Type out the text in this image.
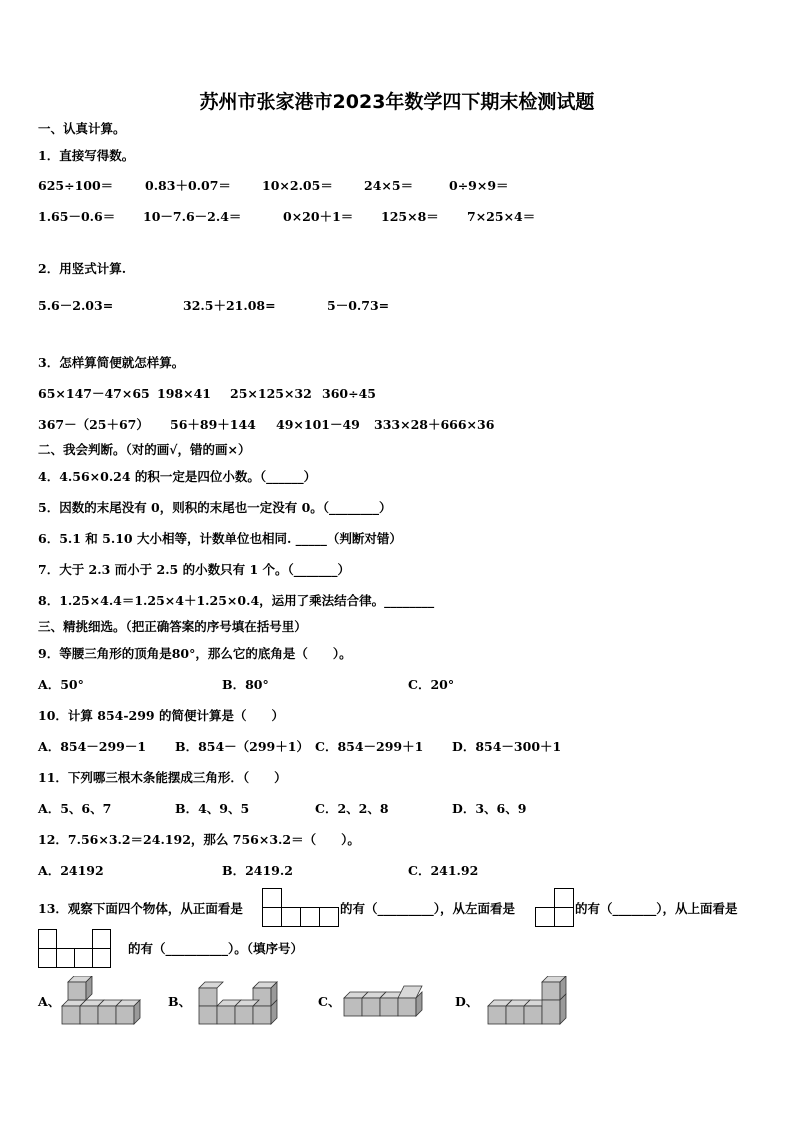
苏州市张家港市2023年数学四下期末检测试题
一、认真计算。
1．直接写得数。
625÷100＝	0.83＋0.07＝ 10×2.05＝ 24×5＝	0÷9×9＝
1.65－0.6＝ 10－7.6－2.4＝	0×20＋1＝ 125×8＝ 7×25×4＝
2．用竖式计算.
5.6－2.03=	32.5＋21.08=	5－0.73=
3．怎样算简便就怎样算。
65×147－47×65 198×41 25×125×32 360÷45
367－（25＋67） 56＋89＋144 49×101－49 333×28＋666×36
二、我会判断。（对的画√，错的画×）
4．4.56×0.24 的积一定是四位小数。（______）
5．因数的末尾没有 0，则积的末尾也一定没有 0。（________）
6．5.1 和 5.10 大小相等，计数单位也相同. _____（判断对错）
7．大于 2.3 而小于 2.5 的小数只有 1 个。（_______）
8．1.25×4.4＝1.25×4＋1.25×0.4，运用了乘法结合律。________
三、精挑细选。（把正确答案的序号填在括号里）
9．等腰三角形的顶角是80°，那么它的底角是（　　）。
A．50°	B．80°	C．20°
10．计算 854-299 的简便计算是（　　）
A．854－299－1 B．854－（299＋1） C．854－299＋1 D．854－300＋1
11．下列哪三根木条能摆成三角形．（　　）
A．5、6、7	B．4、9、5	C．2、2、8	D．3、6、9
12．7.56×3.2＝24.192，那么 756×3.2＝（　　）。
A．24192	B．2419.2	C．241.92
13．观察下面四个物体，从正面看是	的有（_________），从左面看是	的有（_______），从上面看是
的有（__________）。（填序号）
A、	B、	C、	D、
